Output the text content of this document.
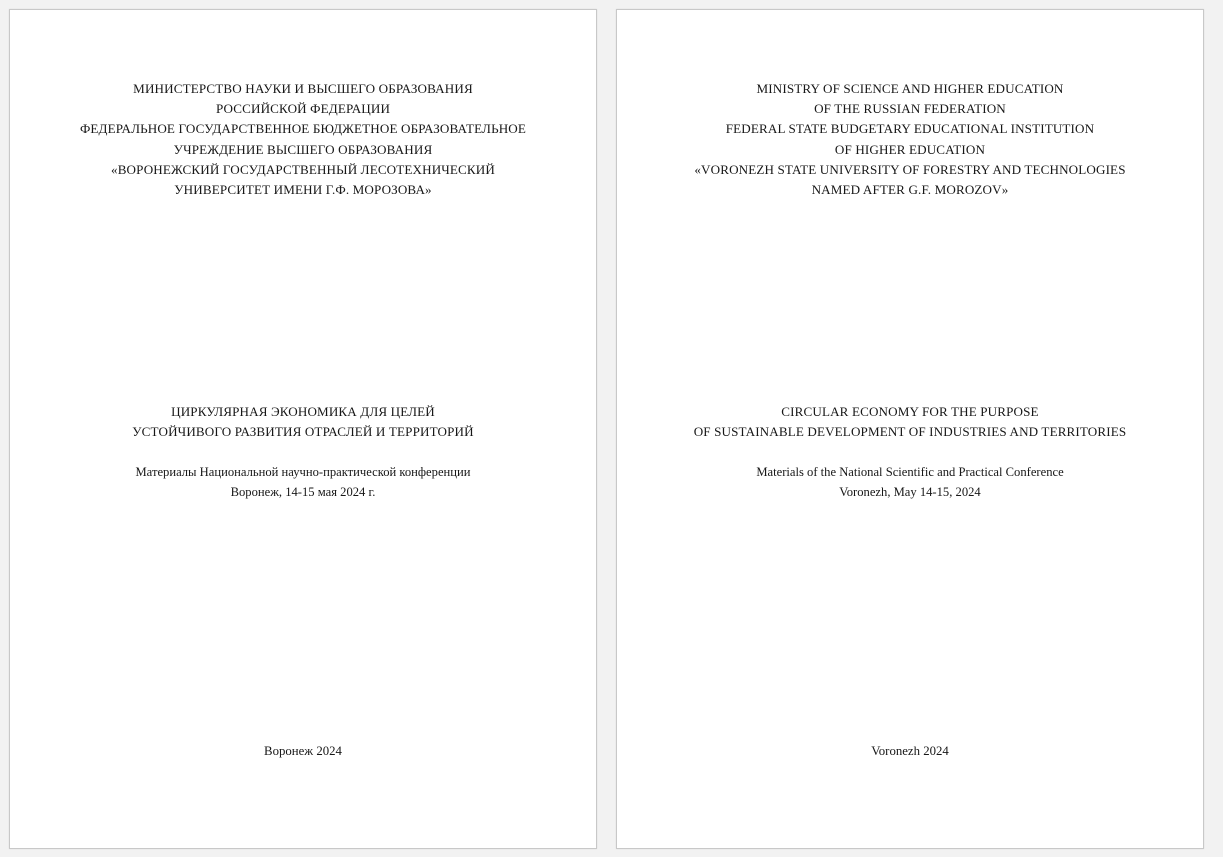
МИНИСТЕРСТВО НАУКИ И ВЫСШЕГО ОБРАЗОВАНИЯ
РОССИЙСКОЙ ФЕДЕРАЦИИ
ФЕДЕРАЛЬНОЕ ГОСУДАРСТВЕННОЕ БЮДЖЕТНОЕ ОБРАЗОВАТЕЛЬНОЕ
УЧРЕЖДЕНИЕ ВЫСШЕГО ОБРАЗОВАНИЯ
«ВОРОНЕЖСКИЙ ГОСУДАРСТВЕННЫЙ ЛЕСОТЕХНИЧЕСКИЙ
УНИВЕРСИТЕТ ИМЕНИ Г.Ф. МОРОЗОВА»
ЦИРКУЛЯРНАЯ ЭКОНОМИКА ДЛЯ ЦЕЛЕЙ
УСТОЙЧИВОГО РАЗВИТИЯ ОТРАСЛЕЙ И ТЕРРИТОРИЙ
Материалы Национальной научно-практической конференции
Воронеж, 14-15 мая 2024 г.
Воронеж 2024
MINISTRY OF SCIENCE AND HIGHER EDUCATION
OF THE RUSSIAN FEDERATION
FEDERAL STATE BUDGETARY EDUCATIONAL INSTITUTION
OF HIGHER EDUCATION
«VORONEZH STATE UNIVERSITY OF FORESTRY AND TECHNOLOGIES
NAMED AFTER G.F. MOROZOV»
CIRCULAR ECONOMY FOR THE PURPOSE
OF SUSTAINABLE DEVELOPMENT OF INDUSTRIES AND TERRITORIES
Materials of the National Scientific and Practical Conference
Voronezh, May 14-15, 2024
Voronezh 2024
